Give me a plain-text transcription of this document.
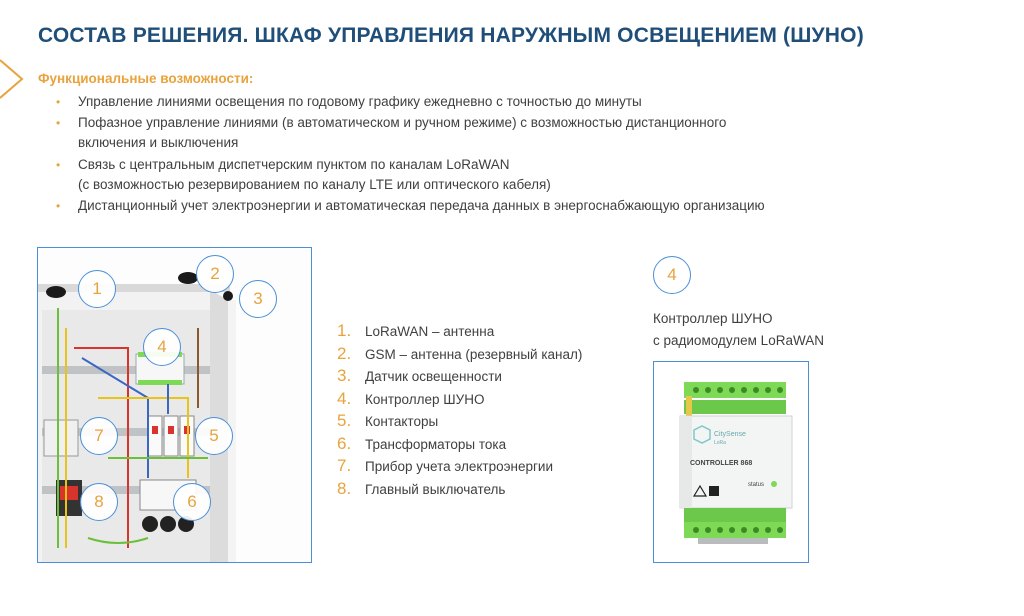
СОСТАВ РЕШЕНИЯ. ШКАФ УПРАВЛЕНИЯ НАРУЖНЫМ ОСВЕЩЕНИЕМ (ШУНО)
Функциональные возможности:
• Управление линиями освещения по годовому графику ежедневно с точностью до минуты
• Пофазное управление линиями (в автоматическом и ручном режиме) с возможностью дистанционного
включения и выключения
• Связь с центральным диспетчерским пунктом по каналам LoRaWAN
(с возможностью резервированием по каналу LTE или оптического кабеля)
• Дистанционный учет электроэнергии и автоматическая передача данных в энергоснабжающую организацию
1
2
3
4
5
6
7
8
1. LoRaWAN – антенна
2. GSM – антенна (резервный канал)
3. Датчик освещенности
4. Контроллер ШУНО
5. Контакторы
6. Трансформаторы тока
7. Прибор учета электроэнергии
8. Главный выключатель
4
Контроллер ШУНО
с радиомодулем LoRaWAN
CitySense
LoRa
CONTROLLER 868
status
